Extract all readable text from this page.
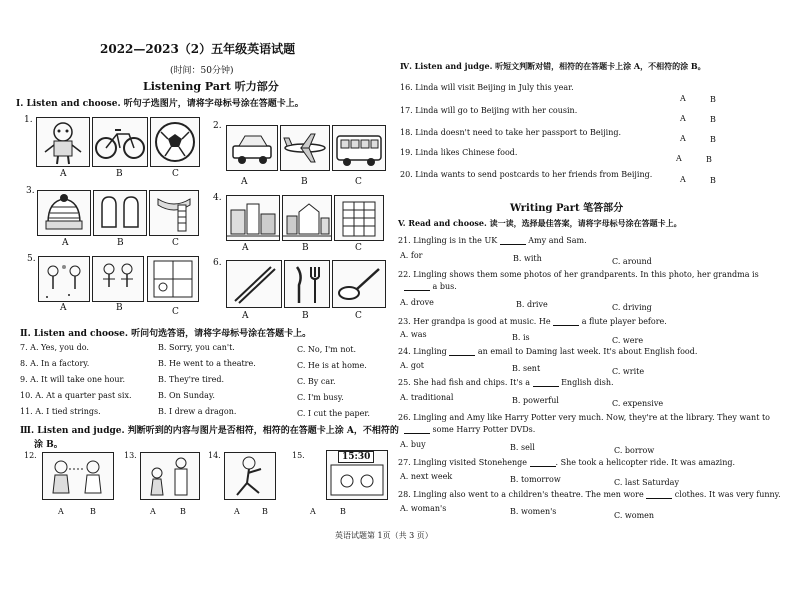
2022—2023（2）五年级英语试题
(时间：50分钟)
Listening Part 听力部分
Ⅰ. Listen and choose. 听句子选图片，请将字母标号涂在答题卡上。
1.
A	B	C
2.
A	B	C
3.
A	B	C
4.
A	B	C
5.
A	B	C
6.
A	B	C
Ⅱ. Listen and choose. 听问句选答语，请将字母标号涂在答题卡上。
7. A. Yes, you do.	B. Sorry, you can't.	C. No, I'm not.
8. A. In a factory.	B. He went to a theatre.	C. He is at home.
9. A. It will take one hour.	B. They're tired.	C. By car.
10. A. At a quarter past six.	B. On Sunday.	C. I'm busy.
11. A. I tied strings.	B. I drew a dragon.	C. I cut the paper.
Ⅲ. Listen and judge. 判断听到的内容与图片是否相符，相符的在答题卡上涂 A，不相符的
涂 B。
12.	13.	14.	15.	15:30
A	B	A	B	A	B	A	B
Ⅳ. Listen and judge. 听短文判断对错，相符的在答题卡上涂 A，不相符的涂 B。
16. Linda will visit Beijing in July this year.
17. Linda will go to Beijing with her cousin.
18. Linda doesn't need to take her passport to Beijing.
19. Linda likes Chinese food.
20. Linda wants to send postcards to her friends from Beijing.
A	B
A	B
A	B
A	B
A	B
Writing Part 笔答部分
V. Read and choose. 读一读，选择最佳答案，请将字母标号涂在答题卡上。
21. Lingling is in the UK	Amy and Sam.
A. for	B. with	C. around
22. Lingling shows them some photos of her grandparents. In this photo, her grandma is
a bus.
A. drove	B. drive	C. driving
23. Her grandpa is good at music. He	a flute player before.
A. was	B. is	C. were
24. Lingling	an email to Daming last week. It's about English food.
A. got	B. sent	C. write
25. She had fish and chips. It's a	English dish.
A. traditional	B. powerful	C. expensive
26. Lingling and Amy like Harry Potter very much. Now, they're at the library. They want to
some Harry Potter DVDs.
A. buy	B. sell	C. borrow
27. Lingling visited Stonehenge	. She took a helicopter ride. It was amazing.
A. next week	B. tomorrow	C. last Saturday
28. Lingling also went to a children's theatre. The men wore	clothes. It was very funny.
A. woman's	B. women's	C. women
英语试题第 1页（共 3 页）
